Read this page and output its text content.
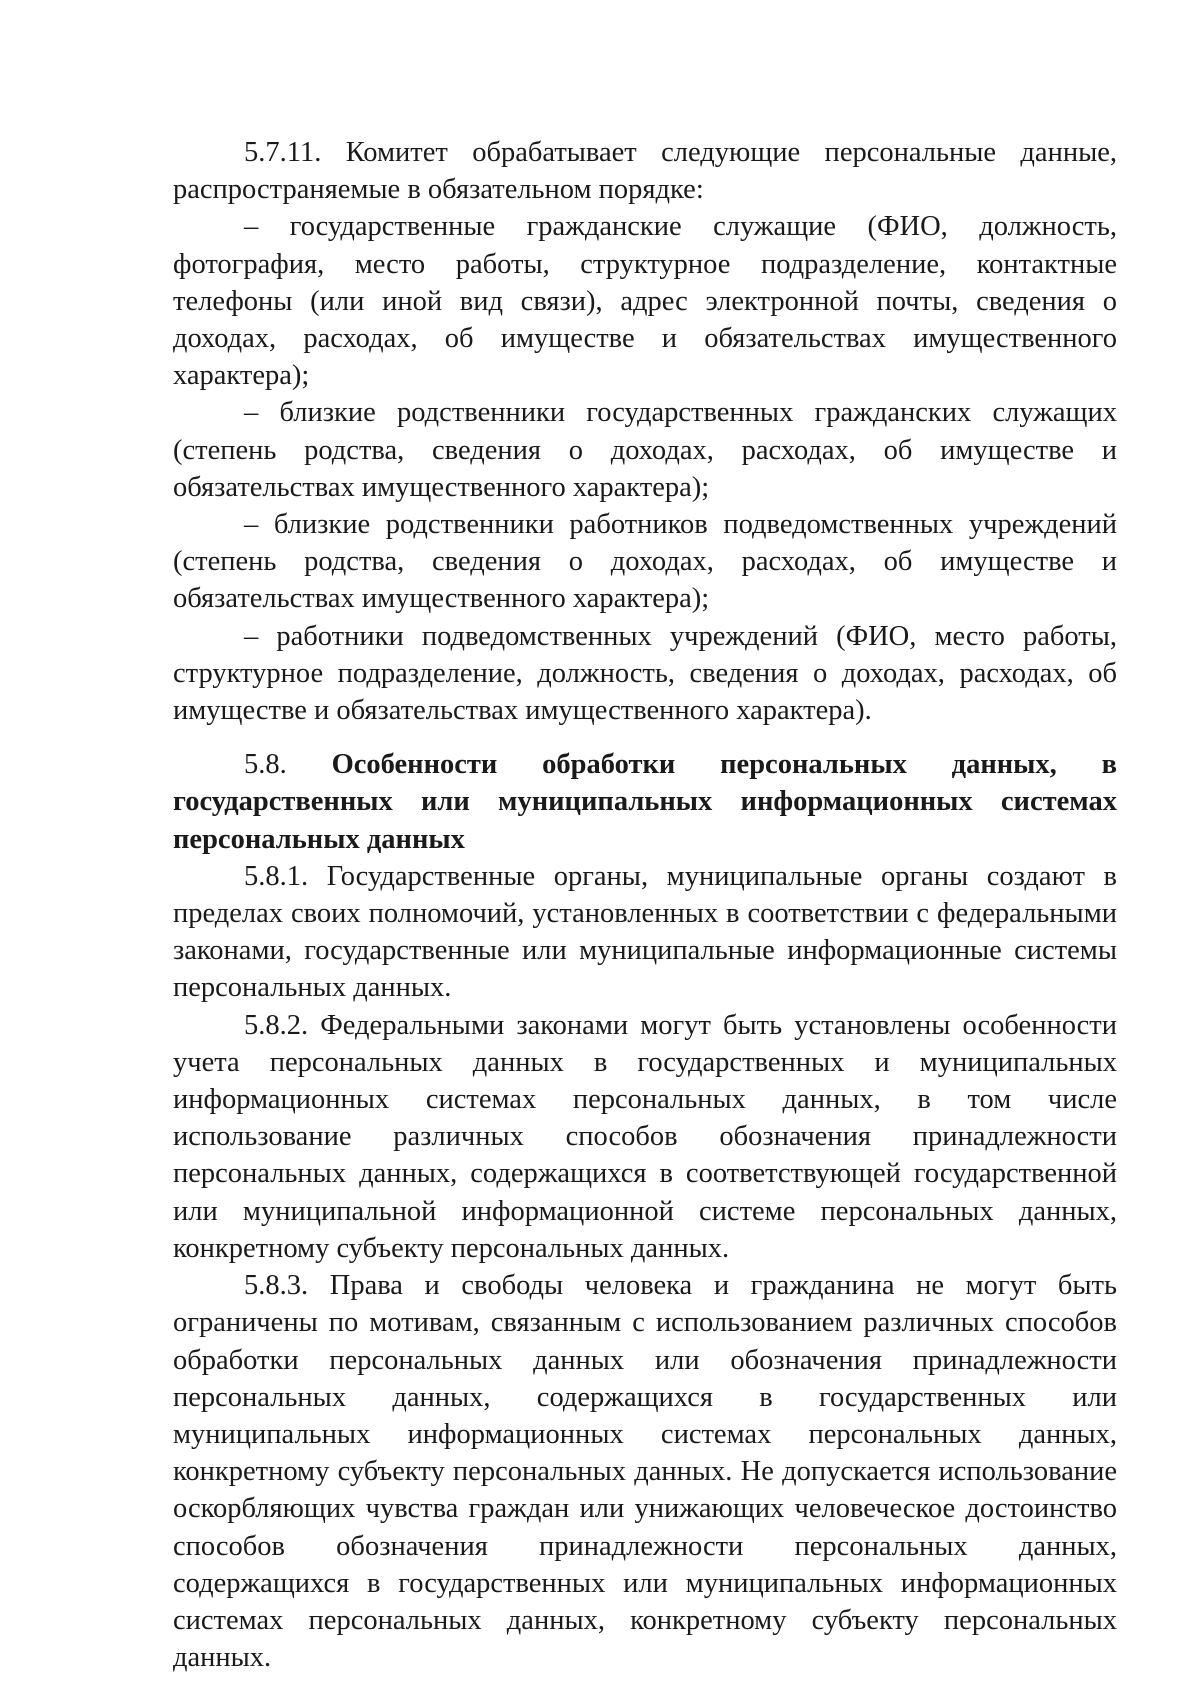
5.7.11. Комитет обрабатывает следующие персональные данные, распространяемые в обязательном порядке:

– государственные гражданские служащие (ФИО, должность, фотография, место работы, структурное подразделение, контактные телефоны (или иной вид связи), адрес электронной почты, сведения о доходах, расходах, об имуществе и обязательствах имущественного характера);

– близкие родственники государственных гражданских служащих (степень родства, сведения о доходах, расходах, об имуществе и обязательствах имущественного характера);

– близкие родственники работников подведомственных учреждений (степень родства, сведения о доходах, расходах, об имуществе и обязательствах имущественного характера);

– работники подведомственных учреждений (ФИО, место работы, структурное подразделение, должность, сведения о доходах, расходах, об имуществе и обязательствах имущественного характера).

5.8. Особенности обработки персональных данных, в государственных или муниципальных информационных системах персональных данных

5.8.1. Государственные органы, муниципальные органы создают в пределах своих полномочий, установленных в соответствии с федеральными законами, государственные или муниципальные информационные системы персональных данных.

5.8.2. Федеральными законами могут быть установлены особенности учета персональных данных в государственных и муниципальных информационных системах персональных данных, в том числе использование различных способов обозначения принадлежности персональных данных, содержащихся в соответствующей государственной или муниципальной информационной системе персональных данных, конкретному субъекту персональных данных.

5.8.3. Права и свободы человека и гражданина не могут быть ограничены по мотивам, связанным с использованием различных способов обработки персональных данных или обозначения принадлежности персональных данных, содержащихся в государственных или муниципальных информационных системах персональных данных, конкретному субъекту персональных данных. Не допускается использование оскорбляющих чувства граждан или унижающих человеческое достоинство способов обозначения принадлежности персональных данных, содержащихся в государственных или муниципальных информационных системах персональных данных, конкретному субъекту персональных данных.
